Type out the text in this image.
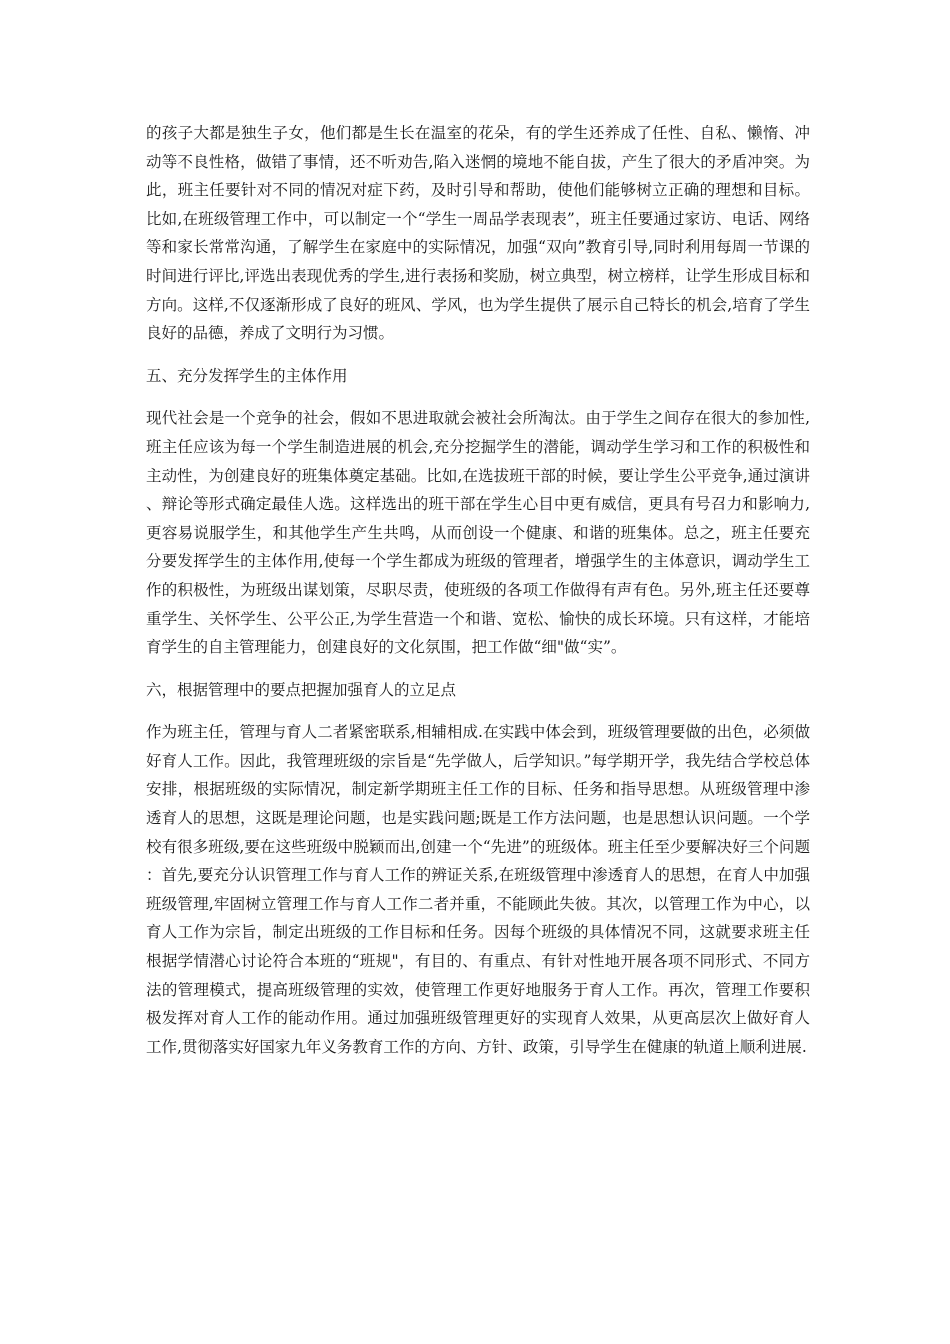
的孩子大都是独生子女，他们都是生长在温室的花朵，有的学生还养成了任性、自私、懒惰、冲动等不良性格，做错了事情，还不听劝告,陷入迷惘的境地不能自拔，产生了很大的矛盾冲突。为此，班主任要针对不同的情况对症下药，及时引导和帮助，使他们能够树立正确的理想和目标。比如,在班级管理工作中，可以制定一个“学生一周品学表现表”，班主任要通过家访、电话、网络等和家长常常沟通，了解学生在家庭中的实际情况，加强“双向”教育引导,同时利用每周一节课的时间进行评比,评选出表现优秀的学生,进行表扬和奖励，树立典型，树立榜样，让学生形成目标和方向。这样,不仅逐渐形成了良好的班风、学风，也为学生提供了展示自己特长的机会,培育了学生良好的品德，养成了文明行为习惯。

五、充分发挥学生的主体作用

现代社会是一个竞争的社会，假如不思进取就会被社会所淘汰。由于学生之间存在很大的参加性,班主任应该为每一个学生制造进展的机会,充分挖掘学生的潜能，调动学生学习和工作的积极性和主动性，为创建良好的班集体奠定基础。比如,在选拔班干部的时候，要让学生公平竞争,通过演讲、辩论等形式确定最佳人选。这样选出的班干部在学生心目中更有威信，更具有号召力和影响力,更容易说服学生，和其他学生产生共鸣，从而创设一个健康、和谐的班集体。总之，班主任要充分要发挥学生的主体作用,使每一个学生都成为班级的管理者，增强学生的主体意识，调动学生工作的积极性，为班级出谋划策，尽职尽责，使班级的各项工作做得有声有色。另外,班主任还要尊重学生、关怀学生、公平公正,为学生营造一个和谐、宽松、愉快的成长环境。只有这样，才能培育学生的自主管理能力，创建良好的文化氛围，把工作做“细"做“实”。

六，根据管理中的要点把握加强育人的立足点

作为班主任，管理与育人二者紧密联系,相辅相成.在实践中体会到，班级管理要做的出色，必须做好育人工作。因此，我管理班级的宗旨是“先学做人，后学知识。”每学期开学，我先结合学校总体安排，根据班级的实际情况，制定新学期班主任工作的目标、任务和指导思想。从班级管理中渗透育人的思想，这既是理论问题，也是实践问题;既是工作方法问题，也是思想认识问题。一个学校有很多班级,要在这些班级中脱颖而出,创建一个“先进”的班级体。班主任至少要解决好三个问题：首先,要充分认识管理工作与育人工作的辨证关系,在班级管理中渗透育人的思想，在育人中加强班级管理,牢固树立管理工作与育人工作二者并重，不能顾此失彼。其次，以管理工作为中心，以育人工作为宗旨，制定出班级的工作目标和任务。因每个班级的具体情况不同，这就要求班主任根据学情潜心讨论符合本班的“班规"，有目的、有重点、有针对性地开展各项不同形式、不同方法的管理模式，提高班级管理的实效，使管理工作更好地服务于育人工作。再次，管理工作要积极发挥对育人工作的能动作用。通过加强班级管理更好的实现育人效果，从更高层次上做好育人工作,贯彻落实好国家九年义务教育工作的方向、方针、政策，引导学生在健康的轨道上顺利进展.
